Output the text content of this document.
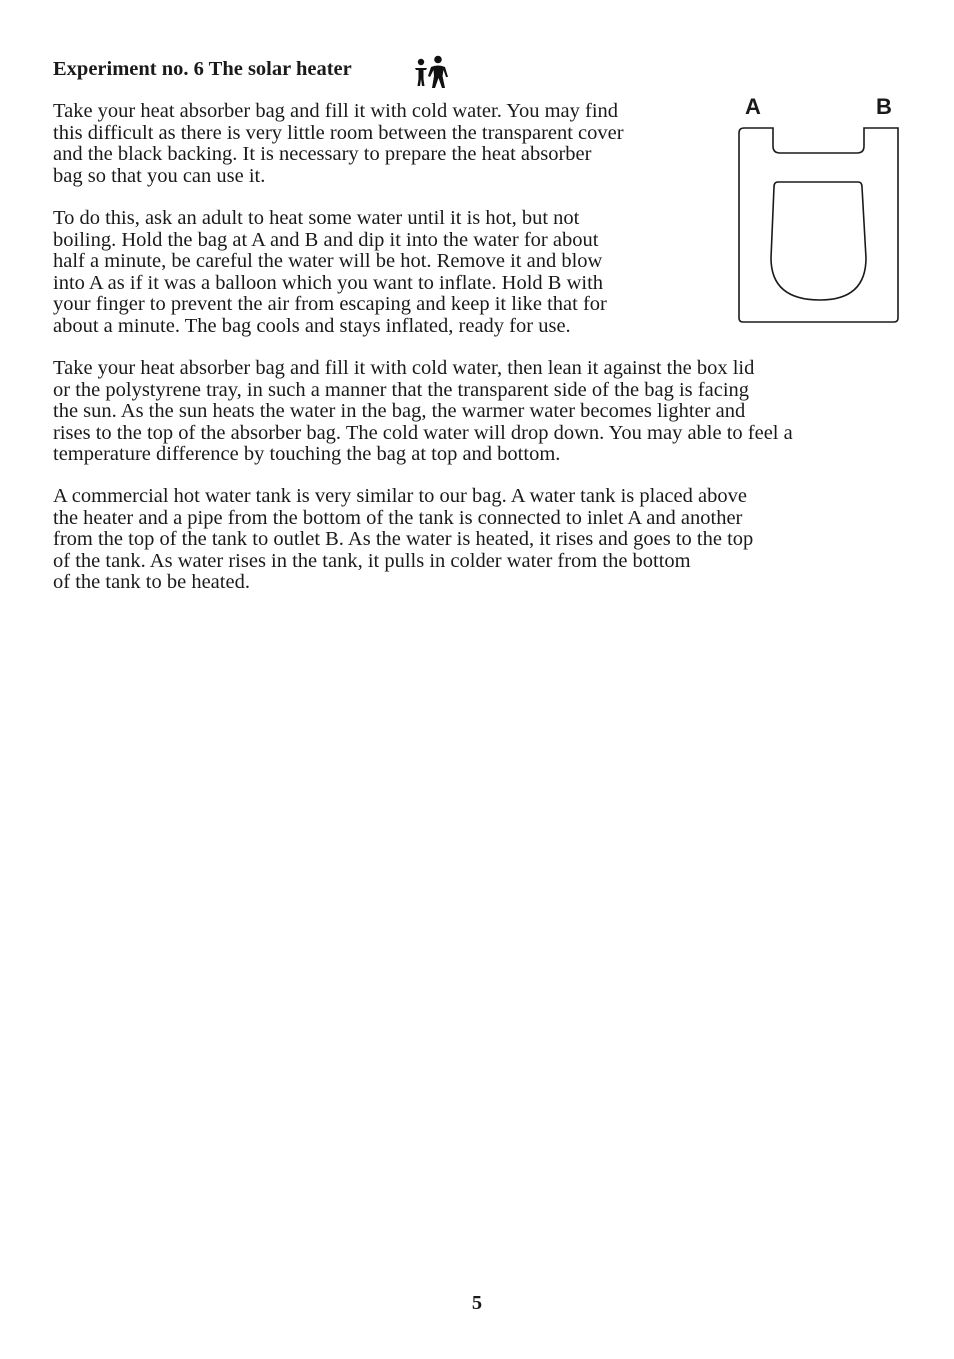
Experiment no. 6 The solar heater
A	B

Take your heat absorber bag and fill it with cold water. You may find
this difficult as there is very little room between the transparent cover
and the black backing. It is necessary to prepare the heat absorber
bag so that you can use it.

To do this, ask an adult to heat some water until it is hot, but not
boiling. Hold the bag at A and B and dip it into the water for about
half a minute, be careful the water will be hot. Remove it and blow
into A as if it was a balloon which you want to inflate. Hold B with
your finger to prevent the air from escaping and keep it like that for
about a minute. The bag cools and stays inflated, ready for use.

Take your heat absorber bag and fill it with cold water, then lean it against the box lid
or the polystyrene tray, in such a manner that the transparent side of the bag is facing
the sun. As the sun heats the water in the bag, the warmer water becomes lighter and
rises to the top of the absorber bag. The cold water will drop down. You may able to feel a
temperature difference by touching the bag at top and bottom.

A commercial hot water tank is very similar to our bag. A water tank is placed above
the heater and a pipe from the bottom of the tank is connected to inlet A and another
from the top of the tank to outlet B. As the water is heated, it rises and goes to the top
of the tank. As water rises in the tank, it pulls in colder water from the bottom
of the tank to be heated.

5
